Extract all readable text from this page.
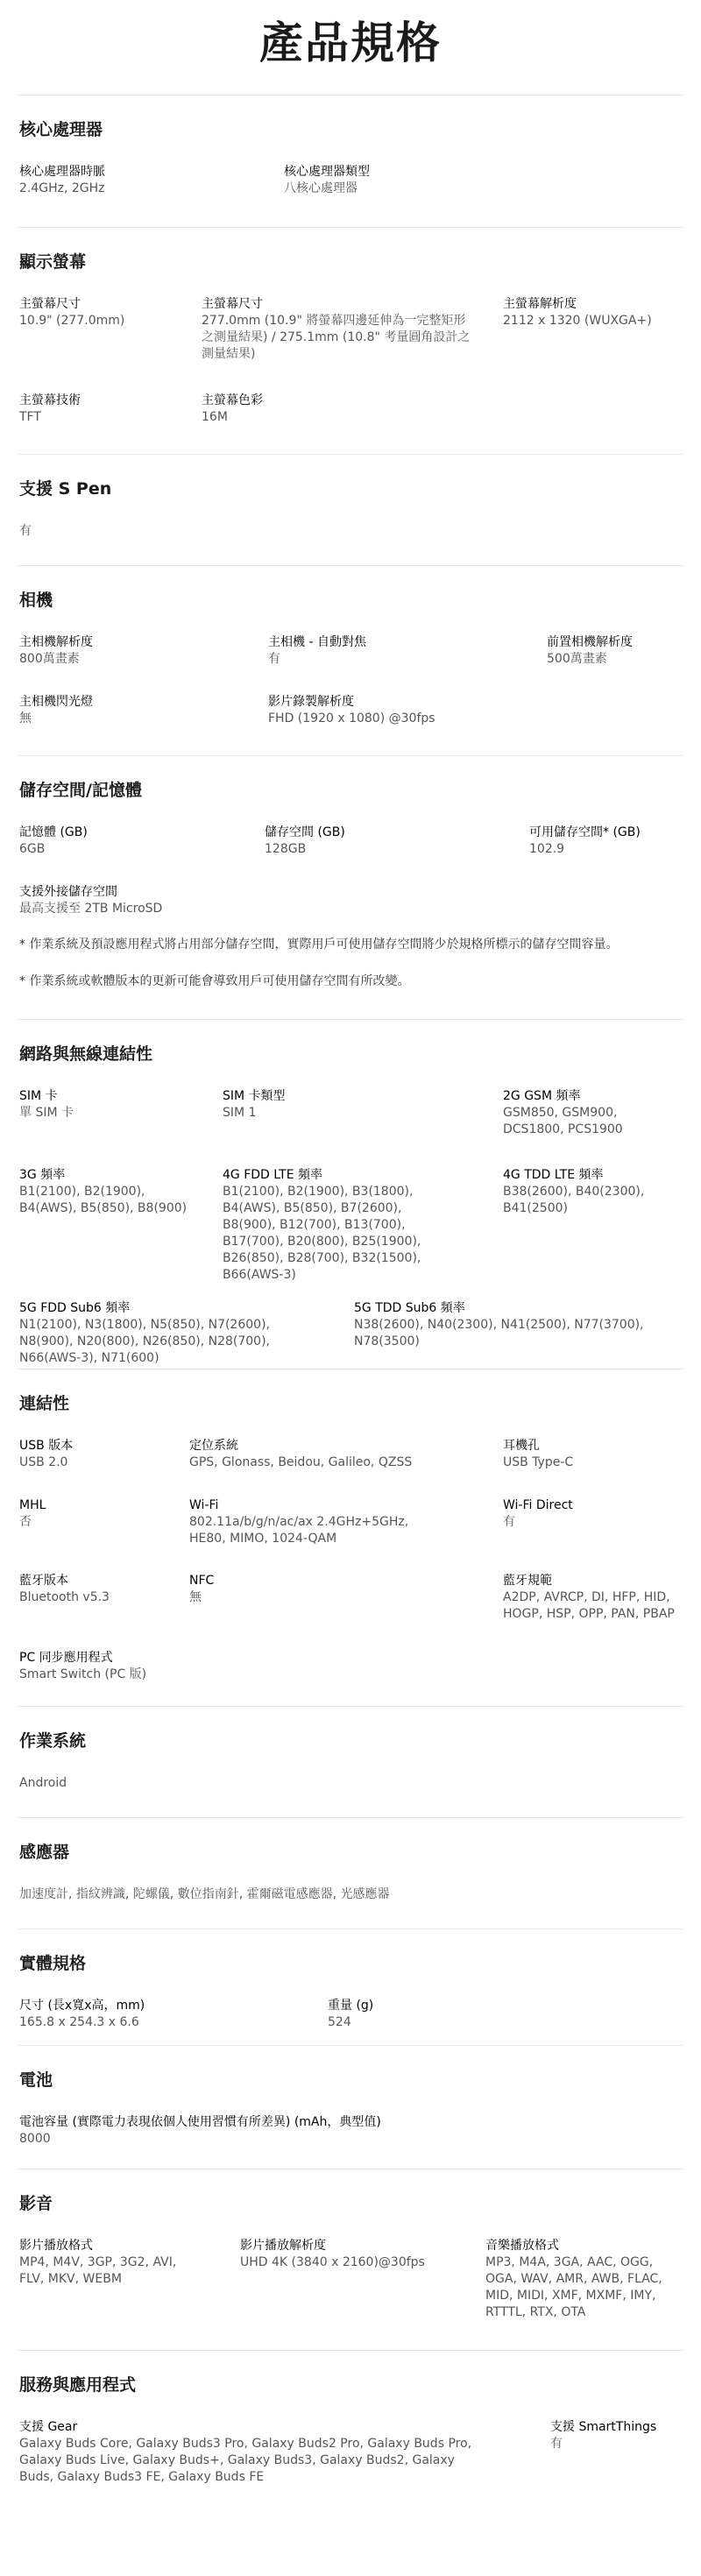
產品規格
核心處理器
核心處理器時脈
2.4GHz, 2GHz
核心處理器類型
八核心處理器
顯示螢幕
主螢幕尺寸
10.9" (277.0mm)
主螢幕尺寸
277.0mm (10.9" 將螢幕四邊延伸為一完整矩形之測量結果) / 275.1mm (10.8" 考量圓角設計之測量結果)
主螢幕解析度
2112 x 1320 (WUXGA+)
主螢幕技術
TFT
主螢幕色彩
16M
支援 S Pen
有
相機
主相機解析度
800萬畫素
主相機 - 自動對焦
有
前置相機解析度
500萬畫素
主相機閃光燈
無
影片錄製解析度
FHD (1920 x 1080) @30fps
儲存空間/記憶體
記憶體 (GB)
6GB
儲存空間 (GB)
128GB
可用儲存空間* (GB)
102.9
支援外接儲存空間
最高支援至 2TB MicroSD
* 作業系統及預設應用程式將占用部分儲存空間，實際用戶可使用儲存空間將少於規格所標示的儲存空間容量。
* 作業系統或軟體版本的更新可能會導致用戶可使用儲存空間有所改變。
網路與無線連結性
SIM 卡
單 SIM 卡
SIM 卡類型
SIM 1
2G GSM 頻率
GSM850, GSM900, DCS1800, PCS1900
3G 頻率
B1(2100), B2(1900), B4(AWS), B5(850), B8(900)
4G FDD LTE 頻率
B1(2100), B2(1900), B3(1800), B4(AWS), B5(850), B7(2600), B8(900), B12(700), B13(700), B17(700), B20(800), B25(1900), B26(850), B28(700), B32(1500), B66(AWS-3)
4G TDD LTE 頻率
B38(2600), B40(2300), B41(2500)
5G FDD Sub6 頻率
N1(2100), N3(1800), N5(850), N7(2600), N8(900), N20(800), N26(850), N28(700), N66(AWS-3), N71(600)
5G TDD Sub6 頻率
N38(2600), N40(2300), N41(2500), N77(3700), N78(3500)
連結性
USB 版本
USB 2.0
定位系統
GPS, Glonass, Beidou, Galileo, QZSS
耳機孔
USB Type-C
MHL
否
Wi-Fi
802.11a/b/g/n/ac/ax 2.4GHz+5GHz, HE80, MIMO, 1024-QAM
Wi-Fi Direct
有
藍牙版本
Bluetooth v5.3
NFC
無
藍牙規範
A2DP, AVRCP, DI, HFP, HID, HOGP, HSP, OPP, PAN, PBAP
PC 同步應用程式
Smart Switch (PC 版)
作業系統
Android
感應器
加速度計, 指紋辨識, 陀螺儀, 數位指南針, 霍爾磁電感應器, 光感應器
實體規格
尺寸 (長x寬x高，mm)
165.8 x 254.3 x 6.6
重量 (g)
524
電池
電池容量 (實際電力表現依個人使用習慣有所差異) (mAh，典型值)
8000
影音
影片播放格式
MP4, M4V, 3GP, 3G2, AVI, FLV, MKV, WEBM
影片播放解析度
UHD 4K (3840 x 2160)@30fps
音樂播放格式
MP3, M4A, 3GA, AAC, OGG, OGA, WAV, AMR, AWB, FLAC, MID, MIDI, XMF, MXMF, IMY, RTTTL, RTX, OTA
服務與應用程式
支援 Gear
Galaxy Buds Core, Galaxy Buds3 Pro, Galaxy Buds2 Pro, Galaxy Buds Pro, Galaxy Buds Live, Galaxy Buds+, Galaxy Buds3, Galaxy Buds2, Galaxy Buds, Galaxy Buds3 FE, Galaxy Buds FE
支援 SmartThings
有
